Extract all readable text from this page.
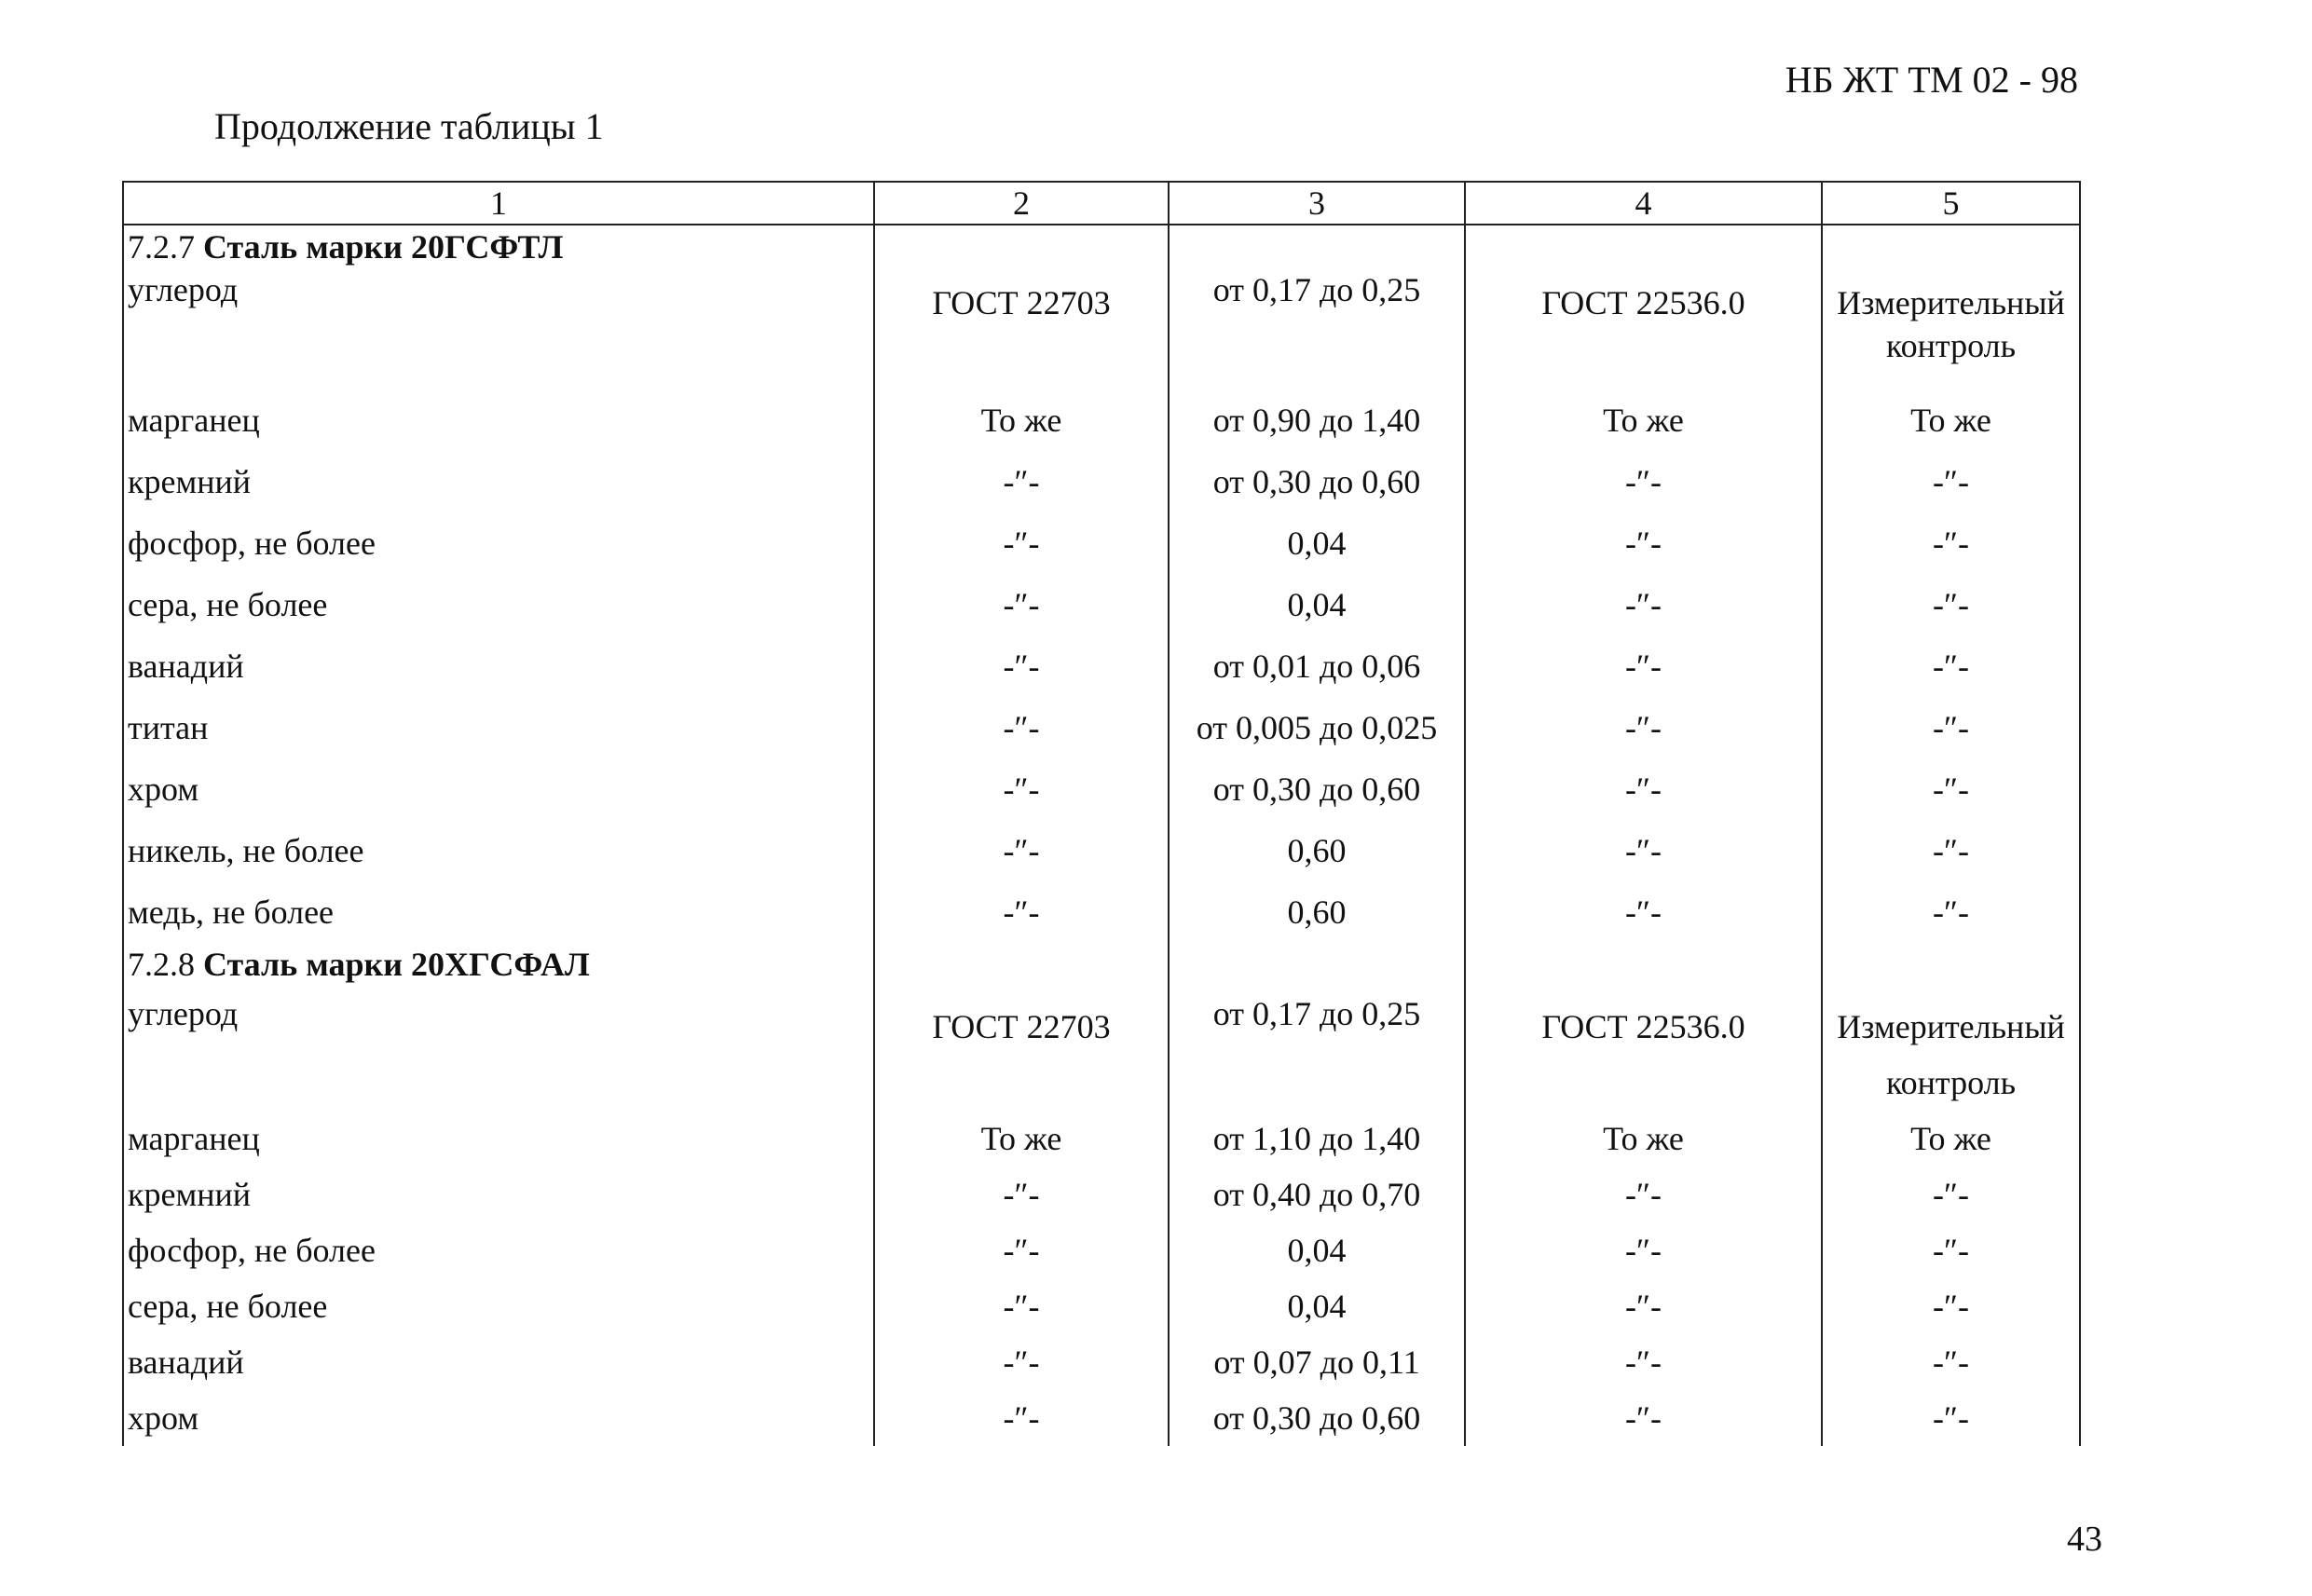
НБ ЖТ ТМ 02 - 98
Продолжение таблицы 1
1	2	3	4	5
7.2.7 Сталь марки 20ГСФТЛ				
углерод	ГОСТ 22703	от 0,17 до 0,25	ГОСТ 22536.0	Измерительный контроль
марганец	То же	от 0,90 до 1,40	То же	То же
кремний	-″-	от 0,30 до 0,60	-″-	-″-
фосфор, не более	-″-	0,04	-″-	-″-
сера, не более	-″-	0,04	-″-	-″-
ванадий	-″-	от 0,01 до 0,06	-″-	-″-
титан	-″-	от 0,005 до 0,025	-″-	-″-
хром	-″-	от 0,30 до 0,60	-″-	-″-
никель, не более	-″-	0,60	-″-	-″-
медь, не более	-″-	0,60	-″-	-″-
7.2.8 Сталь марки 20ХГСФАЛ				
углерод	ГОСТ 22703	от 0,17 до 0,25	ГОСТ 22536.0	Измерительный контроль
марганец	То же	от 1,10 до 1,40	То же	То же
кремний	-″-	от 0,40 до 0,70	-″-	-″-
фосфор, не более	-″-	0,04	-″-	-″-
сера, не более	-″-	0,04	-″-	-″-
ванадий	-″-	от 0,07 до 0,11	-″-	-″-
хром	-″-	от 0,30 до 0,60	-″-	-″-
43
